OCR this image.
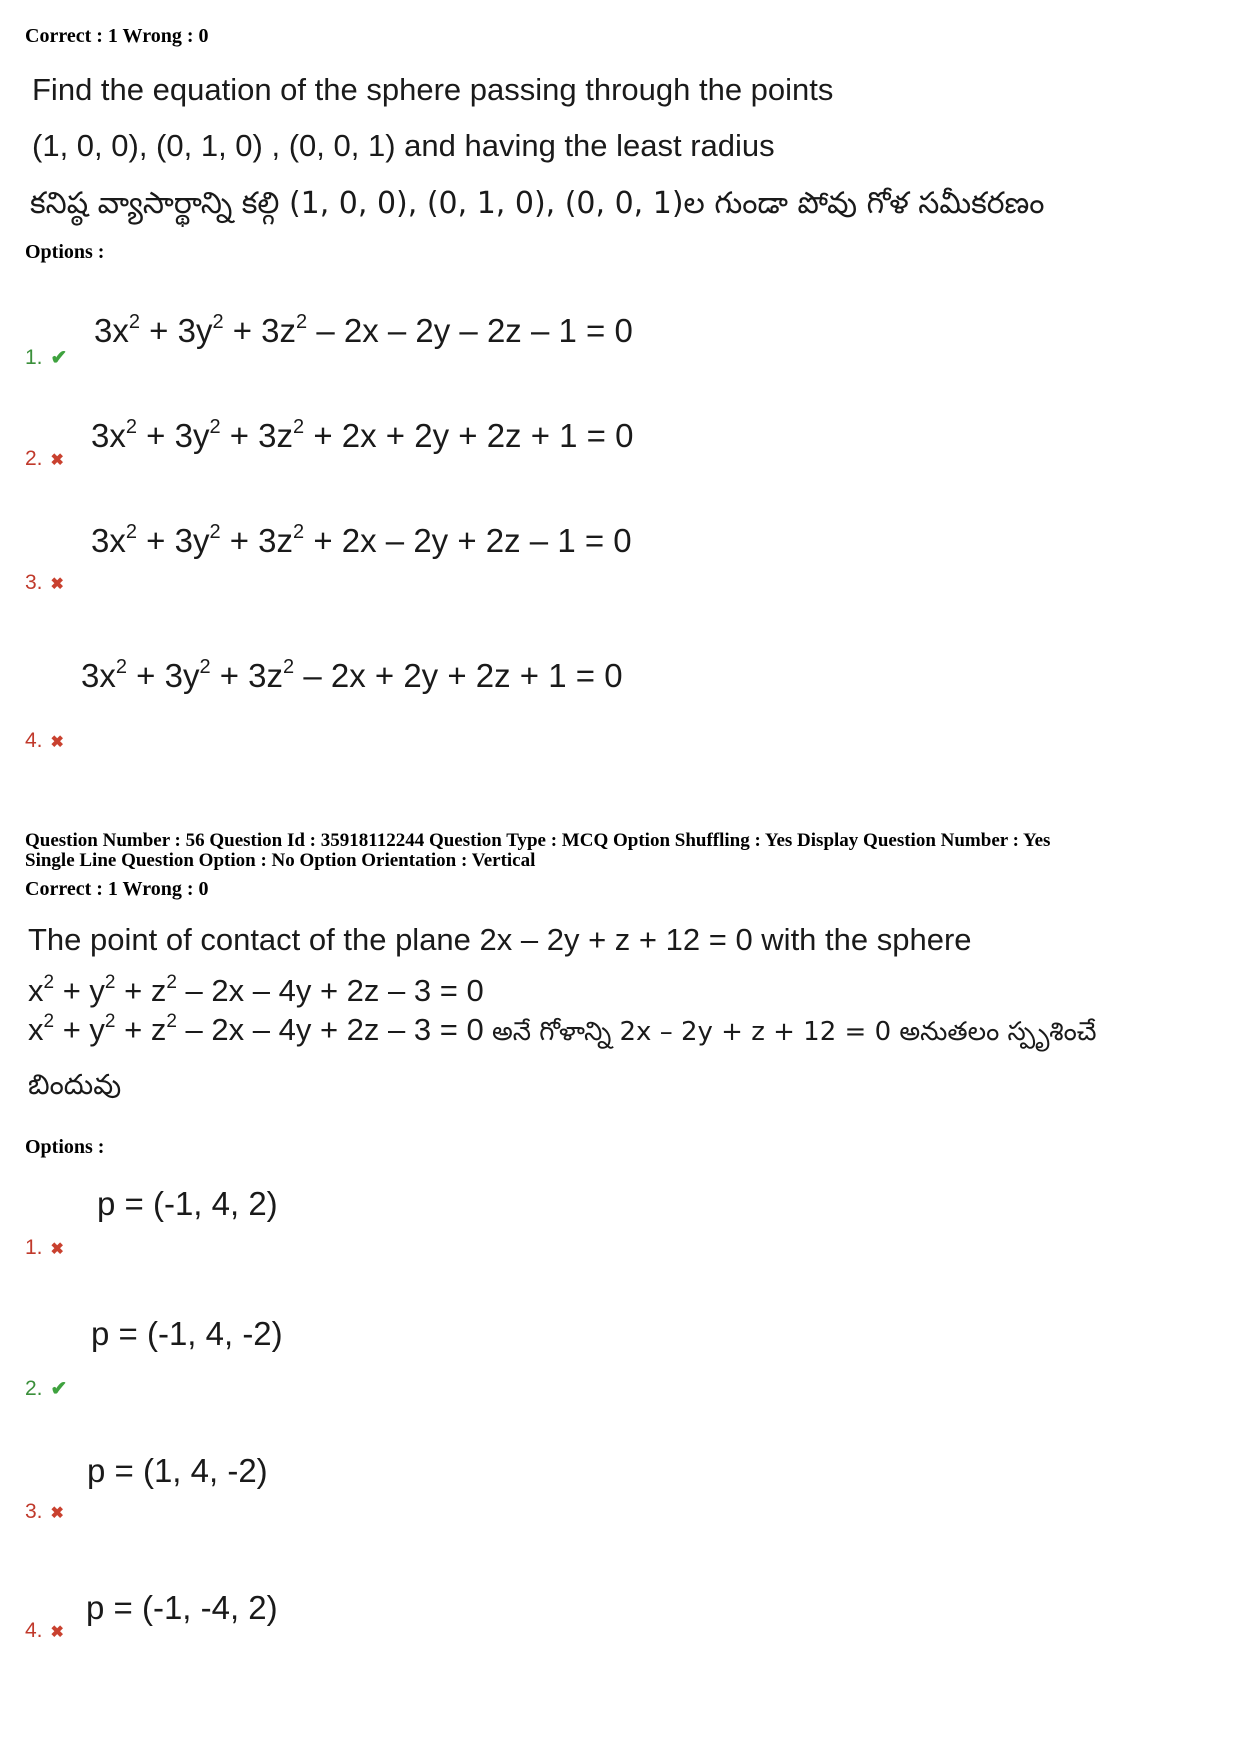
Correct : 1 Wrong : 0
Find the equation of the sphere passing through the points
(1, 0, 0), (0, 1, 0) , (0, 0, 1) and having the least radius
కనిష్ఠ వ్యాసార్థాన్ని కల్గి (1, 0, 0), (0, 1, 0), (0, 0, 1)ల గుండా పోవు గోళ సమీకరణం
Options :
1. ✔
$3x^2 + 3y^2 + 3z^2 - 2x - 2y - 2z - 1 = 0$
2. ✖
$3x^2 + 3y^2 + 3z^2 + 2x + 2y + 2z + 1 = 0$
3. ✖
$3x^2 + 3y^2 + 3z^2 + 2x - 2y + 2z - 1 = 0$
4. ✖
$3x^2 + 3y^2 + 3z^2 - 2x + 2y + 2z + 1 = 0$
Question Number : 56 Question Id : 35918112244 Question Type : MCQ Option Shuffling : Yes Display Question Number : Yes
Single Line Question Option : No Option Orientation : Vertical
Correct : 1 Wrong : 0
The point of contact of the plane 2x – 2y + z + 12 = 0 with the sphere
$x^2 + y^2 + z^2 - 2x - 4y + 2z - 3 = 0$
$x^2 + y^2 + z^2 - 2x - 4y + 2z - 3 = 0$ అనే గోళాన్ని 2x – 2y + z + 12 = 0 అనుతలం స్పృశించే
బిందువు
Options :
1. ✖
p = (-1, 4, 2)
2. ✔
p = (-1, 4, -2)
3. ✖
p = (1, 4, -2)
4. ✖
p = (-1, -4, 2)
